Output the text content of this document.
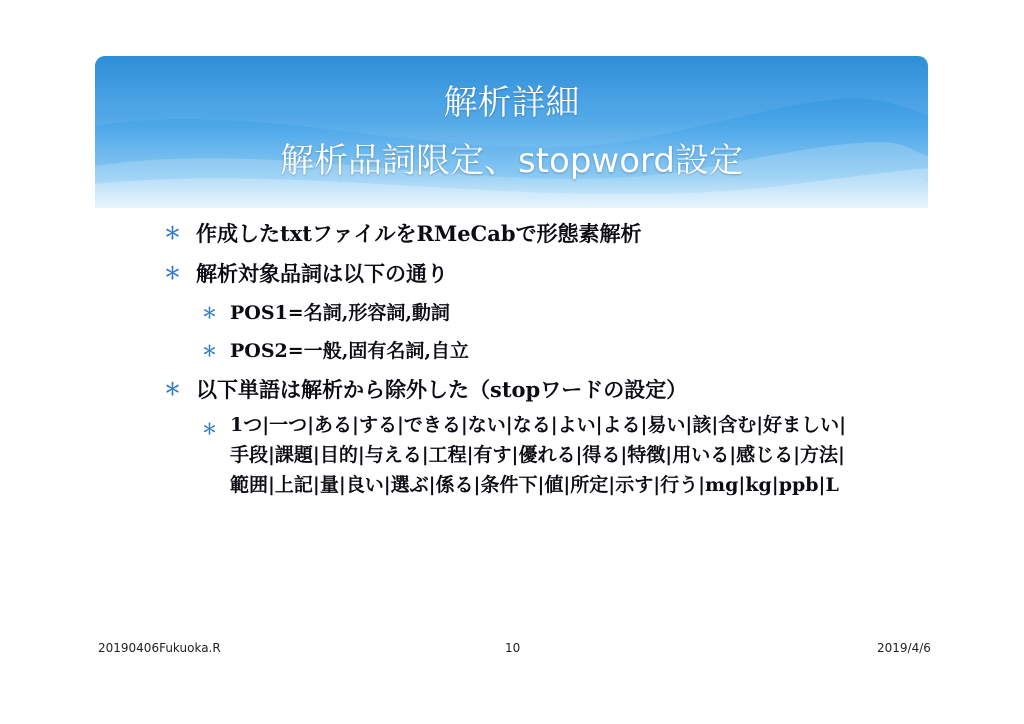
解析詳細
解析品詞限定、stopword設定
＊ 作成したtxtファイルをRMeCabで形態素解析
＊ 解析対象品詞は以下の通り
＊ POS1=名詞,形容詞,動詞
＊ POS2=一般,固有名詞,自立
＊ 以下単語は解析から除外した（stopワードの設定）
＊ 1つ|一つ|ある|する|できる|ない|なる|よい|よる|易い|該|含む|好ましい|手段|課題|目的|与える|工程|有す|優れる|得る|特徴|用いる|感じる|方法|範囲|上記|量|良い|選ぶ|係る|条件下|値|所定|示す|行う|mg|kg|ppb|L
20190406Fukuoka.R	10	2019/4/6
